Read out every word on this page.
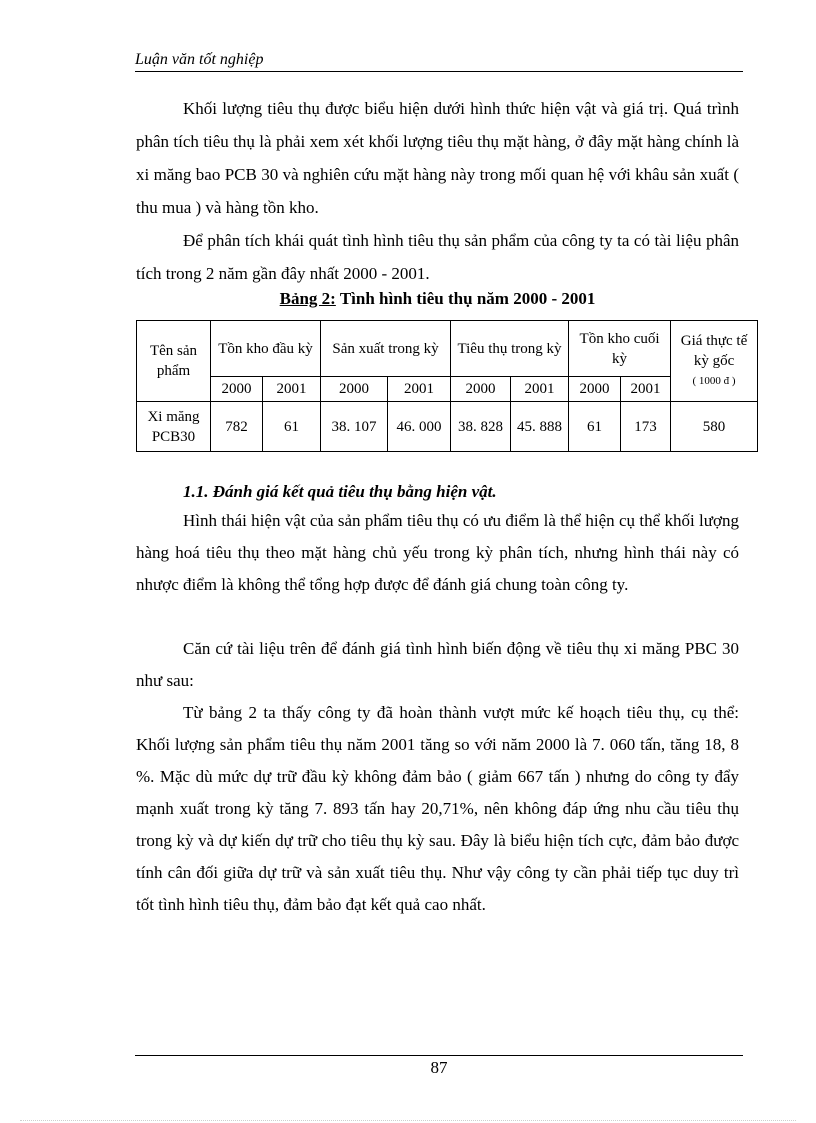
Luận văn tốt nghiệp

Khối lượng tiêu thụ được biểu hiện dưới hình thức hiện vật và giá trị. Quá trình phân tích tiêu thụ là phải xem xét khối lượng tiêu thụ mặt hàng, ở đây mặt hàng chính là xi măng bao PCB 30 và nghiên cứu mặt hàng này trong mối quan hệ với khâu sản xuất ( thu mua ) và hàng tồn kho.

Để phân tích khái quát tình hình tiêu thụ sản phẩm của công ty ta có tài liệu phân tích trong 2 năm gần đây nhất 2000 - 2001.

Bảng 2: Tình hình tiêu thụ năm 2000 - 2001
Tên sản phẩm	Tồn kho đầu kỳ		Sản xuất trong kỳ		Tiêu thụ trong kỳ		Tồn kho cuối kỳ		Giá thực tế kỳ gốc
( 1000 đ )

	2000	2001	2000	2001	2000	2001	2000	2001	
Xi măng PCB30	782	61	38. 107	46. 000	38. 828	45. 888	61	173	580
1.1. Đánh giá kết quả tiêu thụ bằng hiện vật.

Hình thái hiện vật của sản phẩm tiêu thụ có ưu điểm là thể hiện cụ thể khối lượng hàng hoá tiêu thụ theo mặt hàng chủ yếu trong kỳ phân tích, nhưng hình thái này có nhược điểm là không thể tổng hợp được để đánh giá chung toàn công ty.

Căn cứ tài liệu trên để đánh giá tình hình biến động về tiêu thụ xi măng PBC 30 như sau:

Từ bảng 2 ta thấy công ty đã hoàn thành vượt mức kế hoạch tiêu thụ, cụ thể: Khối lượng sản phẩm tiêu thụ năm 2001 tăng so với năm 2000 là 7. 060 tấn, tăng 18, 8 %. Mặc dù mức dự trữ đầu kỳ không đảm bảo ( giảm 667 tấn ) nhưng do công ty đẩy mạnh xuất trong kỳ tăng 7. 893 tấn hay 20,71%, nên không đáp ứng nhu cầu tiêu thụ trong kỳ và dự kiến dự trữ cho tiêu thụ kỳ sau. Đây là biểu hiện tích cực, đảm bảo được tính cân đối giữa dự trữ và sản xuất tiêu thụ. Như vậy công ty cần phải tiếp tục duy trì tốt tình hình tiêu thụ, đảm bảo đạt kết quả cao nhất.

87
